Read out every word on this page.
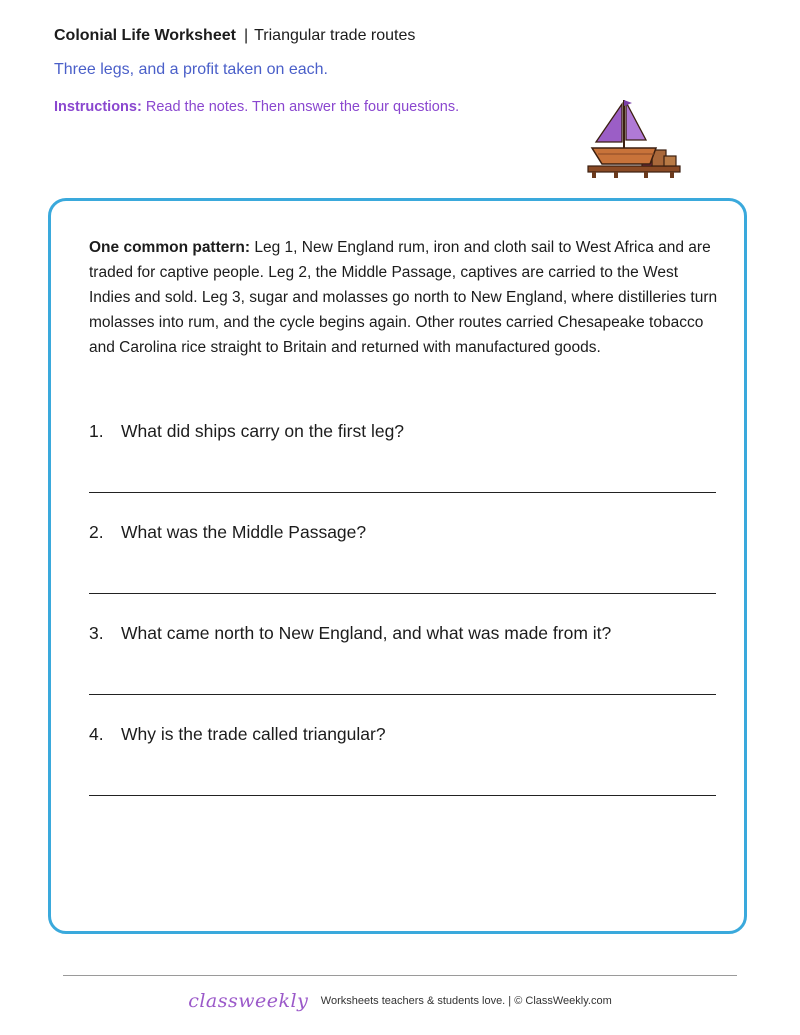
Colonial Life Worksheet | Triangular trade routes
Three legs, and a profit taken on each.
Instructions: Read the notes. Then answer the four questions.
One common pattern: Leg 1, New England rum, iron and cloth sail to West Africa and are traded for captive people. Leg 2, the Middle Passage, captives are carried to the West Indies and sold. Leg 3, sugar and molasses go north to New England, where distilleries turn molasses into rum, and the cycle begins again. Other routes carried Chesapeake tobacco and Carolina rice straight to Britain and returned with manufactured goods.
1. What did ships carry on the first leg?
2. What was the Middle Passage?
3. What came north to New England, and what was made from it?
4. Why is the trade called triangular?
classweekly Worksheets teachers & students love. | © ClassWeekly.com
